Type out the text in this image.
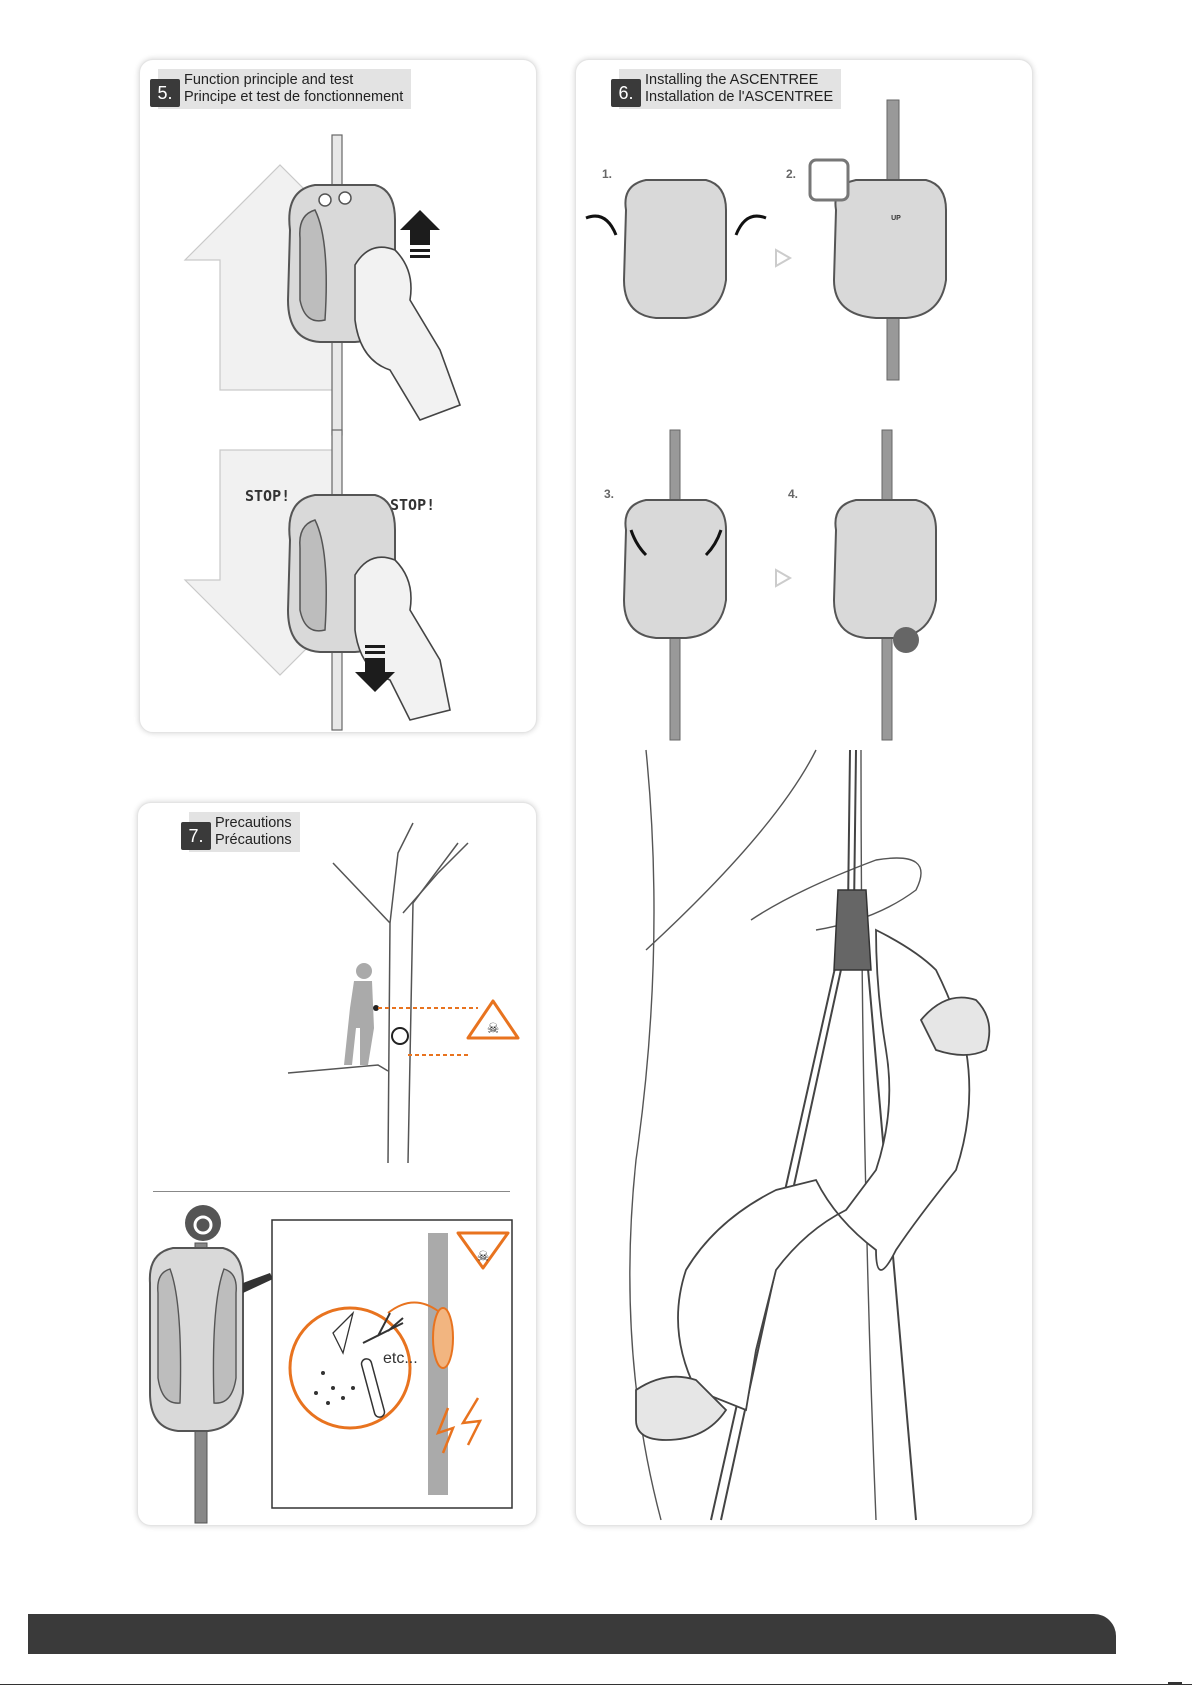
5.
Function principle and test
Principe et test de fonctionnement
STOP!	STOP!
7.
Precautions
Précautions
☠
☠
etc...
6.
Installing the ASCENTREE
Installation de l'ASCENTREE
1.	2.
UP
3.	4.
